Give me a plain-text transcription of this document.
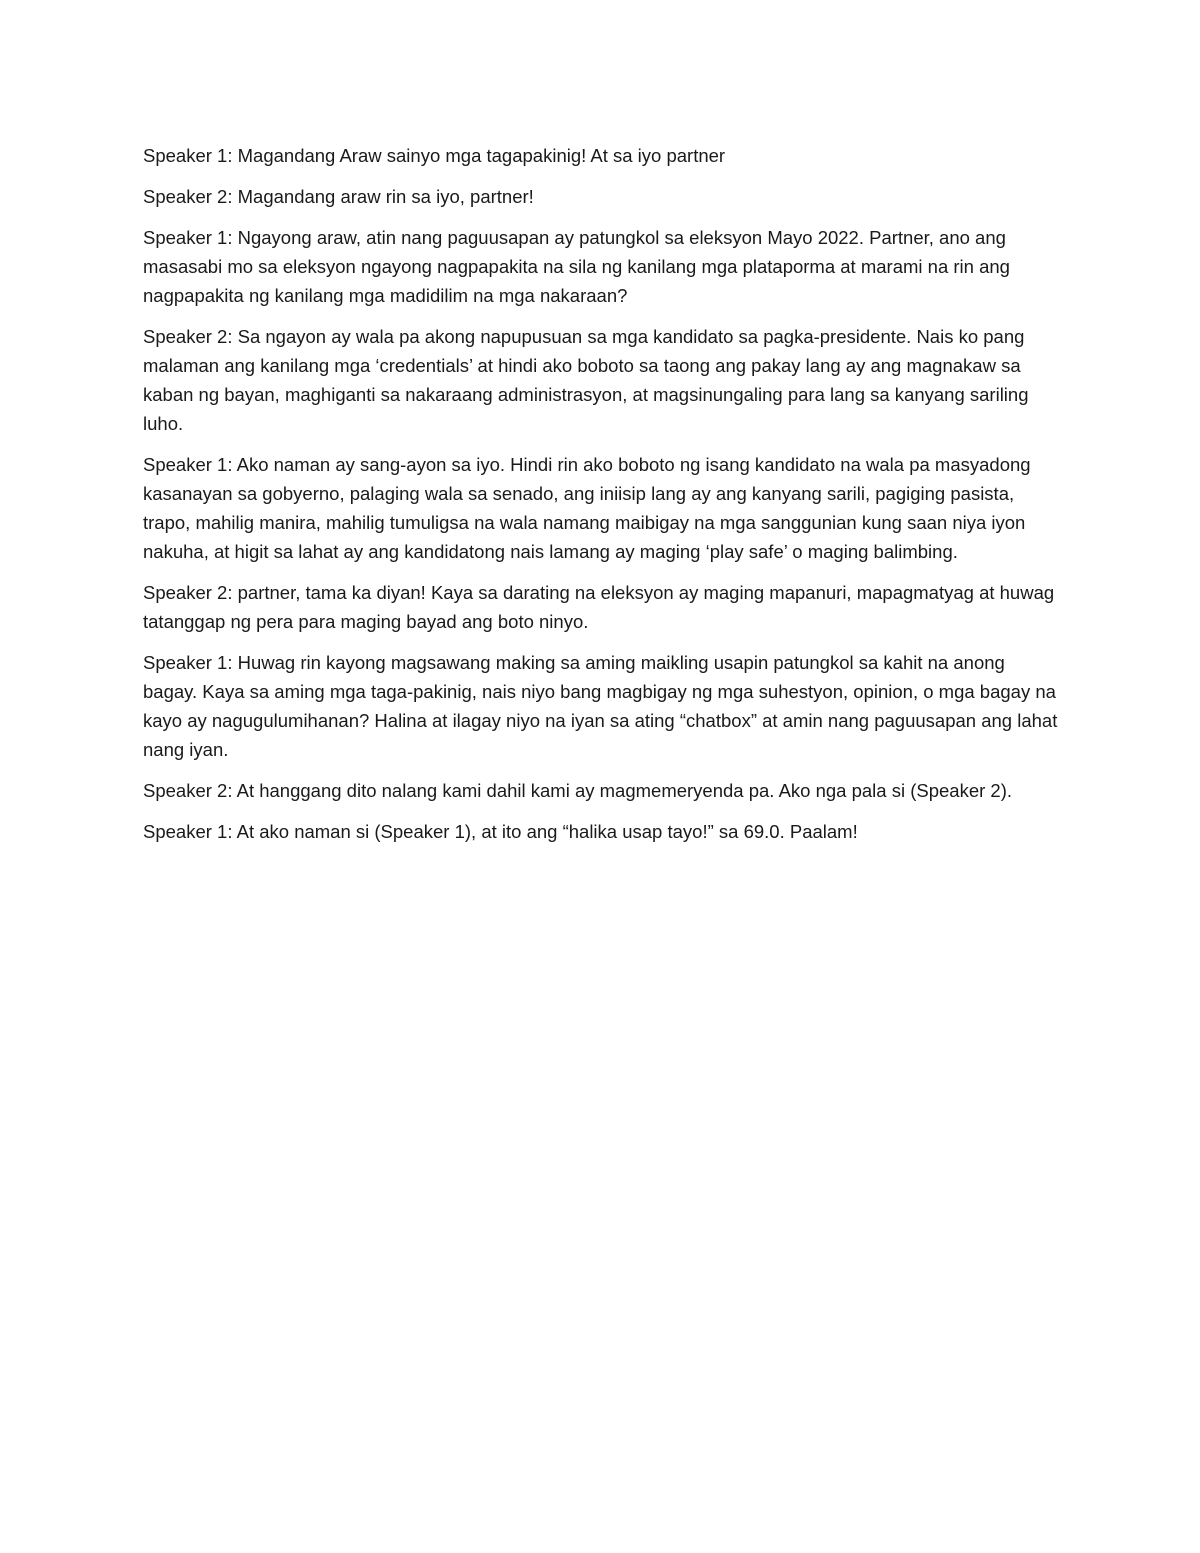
Speaker 1: Magandang Araw sainyo mga tagapakinig! At sa iyo partner

Speaker 2: Magandang araw rin sa iyo, partner!

Speaker 1: Ngayong araw, atin nang paguusapan ay patungkol sa eleksyon Mayo 2022. Partner, ano ang masasabi mo sa eleksyon ngayong nagpapakita na sila ng kanilang mga plataporma at marami na rin ang nagpapakita ng kanilang mga madidilim na mga nakaraan?

Speaker 2: Sa ngayon ay wala pa akong napupusuan sa mga kandidato sa pagka-presidente. Nais ko pang malaman ang kanilang mga ‘credentials’ at hindi ako boboto sa taong ang pakay lang ay ang magnakaw sa kaban ng bayan, maghiganti sa nakaraang administrasyon, at magsinungaling para lang sa kanyang sariling luho.

Speaker 1: Ako naman ay sang-ayon sa iyo. Hindi rin ako boboto ng isang kandidato na wala pa masyadong kasanayan sa gobyerno, palaging wala sa senado, ang iniisip lang ay ang kanyang sarili, pagiging pasista, trapo, mahilig manira, mahilig tumuligsa na wala namang maibigay na mga sanggunian kung saan niya iyon nakuha, at higit sa lahat ay ang kandidatong nais lamang ay maging ‘play safe’ o maging balimbing.

Speaker 2: partner, tama ka diyan! Kaya sa darating na eleksyon ay maging mapanuri, mapagmatyag at huwag tatanggap ng pera para maging bayad ang boto ninyo.

Speaker 1: Huwag rin kayong magsawang making sa aming maikling usapin patungkol sa kahit na anong bagay. Kaya sa aming mga taga-pakinig, nais niyo bang magbigay ng mga suhestyon, opinion, o mga bagay na kayo ay nagugulumihanan? Halina at ilagay niyo na iyan sa ating “chatbox” at amin nang paguusapan ang lahat nang iyan.

Speaker 2: At hanggang dito nalang kami dahil kami ay magmemeryenda pa. Ako nga pala si (Speaker 2).

Speaker 1: At ako naman si (Speaker 1), at ito ang “halika usap tayo!” sa 69.0. Paalam!
